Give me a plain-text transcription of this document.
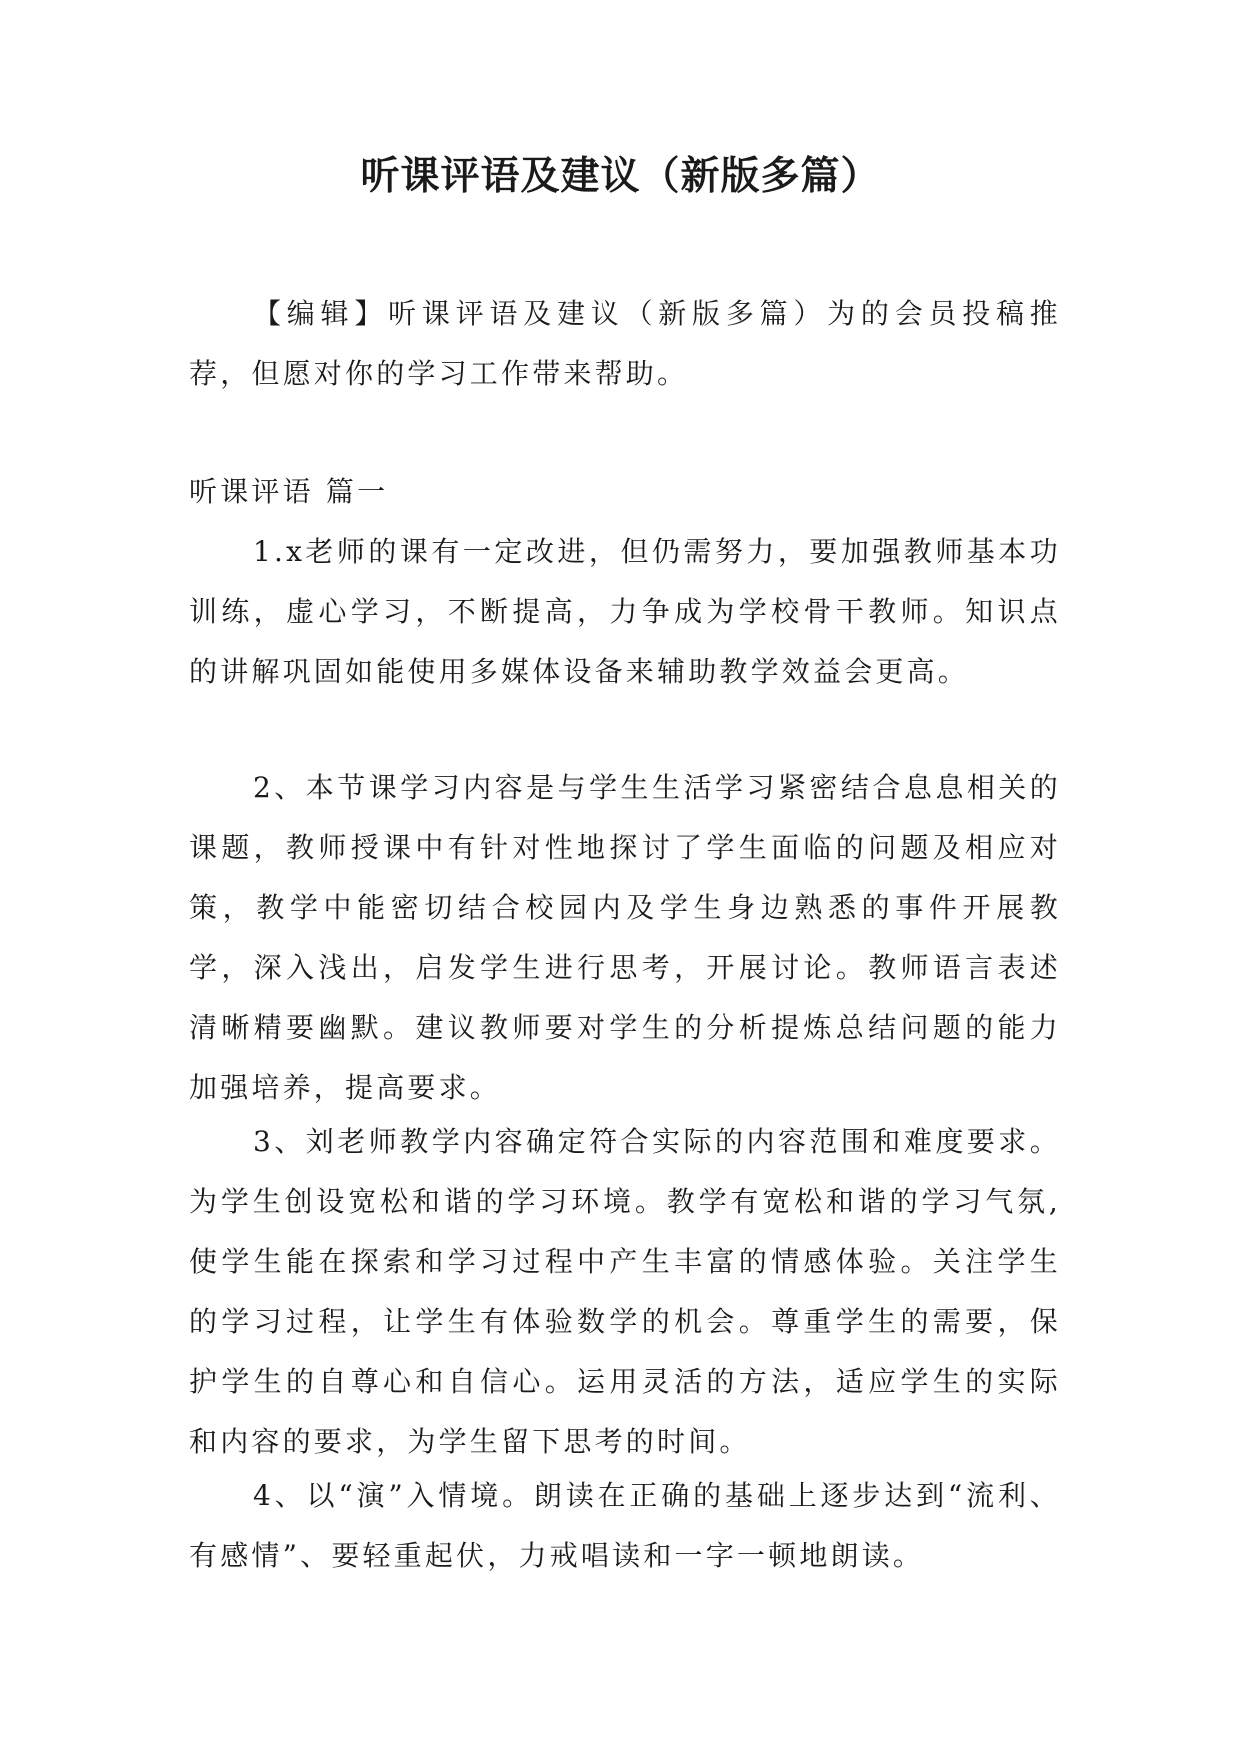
听课评语及建议（新版多篇）

【编辑】听课评语及建议（新版多篇）为的会员投稿推荐，但愿对你的学习工作带来帮助。

听课评语 篇一

1.x老师的课有一定改进，但仍需努力，要加强教师基本功训练，虚心学习，不断提高，力争成为学校骨干教师。知识点的讲解巩固如能使用多媒体设备来辅助教学效益会更高。

2、本节课学习内容是与学生生活学习紧密结合息息相关的课题，教师授课中有针对性地探讨了学生面临的问题及相应对策，教学中能密切结合校园内及学生身边熟悉的事件开展教学，深入浅出，启发学生进行思考，开展讨论。教师语言表述清晰精要幽默。建议教师要对学生的分析提炼总结问题的能力加强培养，提高要求。

3、刘老师教学内容确定符合实际的内容范围和难度要求。为学生创设宽松和谐的学习环境。教学有宽松和谐的学习气氛,使学生能在探索和学习过程中产生丰富的情感体验。关注学生的学习过程，让学生有体验数学的机会。尊重学生的需要，保护学生的自尊心和自信心。运用灵活的方法，适应学生的实际和内容的要求，为学生留下思考的时间。

4、以“演”入情境。朗读在正确的基础上逐步达到“流利、有感情”、要轻重起伏，力戒唱读和一字一顿地朗读。
